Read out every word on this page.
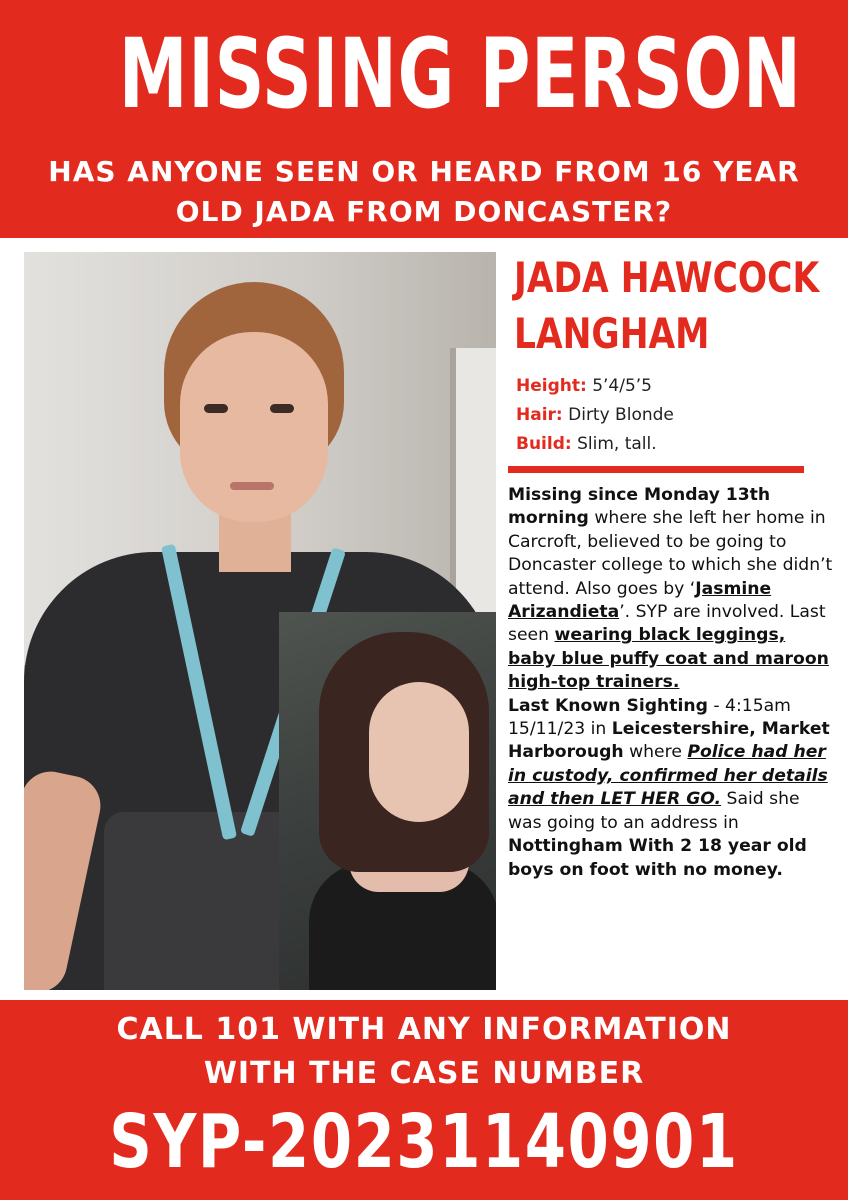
MISSING PERSON
HAS ANYONE SEEN OR HEARD FROM 16 YEAR
OLD JADA FROM DONCASTER?
JADA HAWCOCK
LANGHAM
Height: 5’4/5’5
Hair: Dirty Blonde
Build: Slim, tall.
Missing since Monday 13th morning where she left her home in Carcroft, believed to be going to Doncaster college to which she didn’t attend. Also goes by ‘Jasmine Arizandieta’. SYP are involved. Last seen wearing black leggings, baby blue puffy coat and maroon high-top trainers.
Last Known Sighting - 4:15am 15/11/23 in Leicestershire, Market Harborough where Police had her in custody, confirmed her details and then LET HER GO. Said she was going to an address in Nottingham With 2 18 year old boys on foot with no money.
CALL 101 WITH ANY INFORMATION
WITH THE CASE NUMBER
SYP-20231140901
